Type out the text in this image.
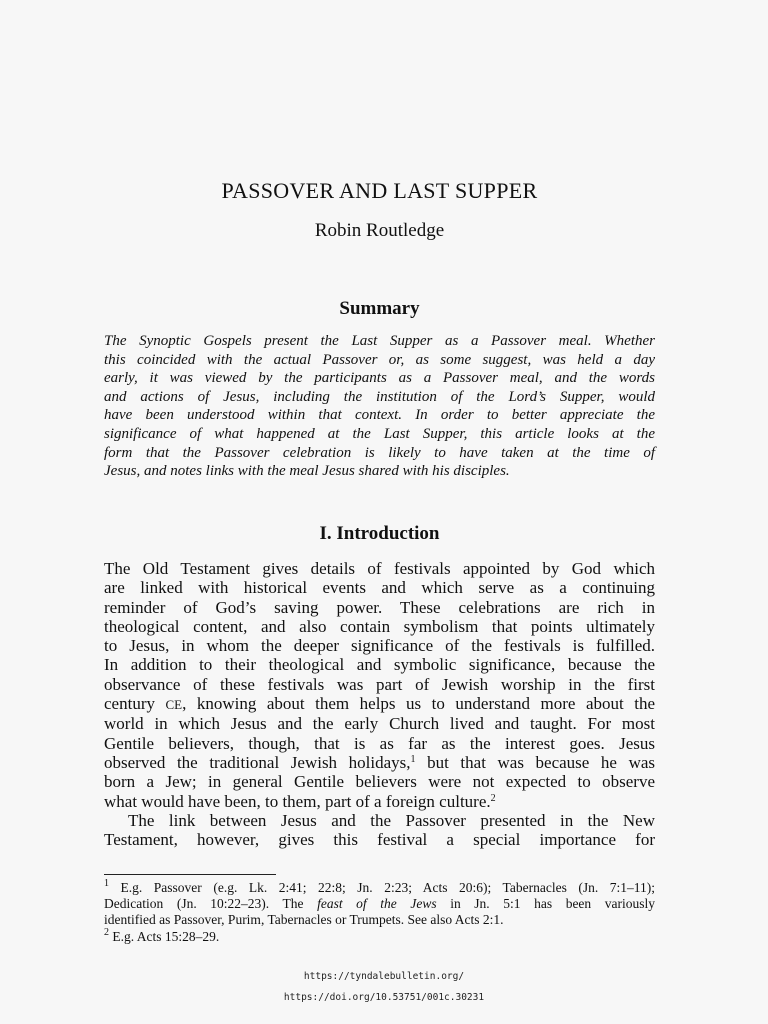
PASSOVER AND LAST SUPPER
Robin Routledge
Summary
The Synoptic Gospels present the Last Supper as a Passover meal. Whether
this coincided with the actual Passover or, as some suggest, was held a day
early, it was viewed by the participants as a Passover meal, and the words
and actions of Jesus, including the institution of the Lord’s Supper, would
have been understood within that context. In order to better appreciate the
significance of what happened at the Last Supper, this article looks at the
form that the Passover celebration is likely to have taken at the time of
Jesus, and notes links with the meal Jesus shared with his disciples.
I. Introduction
The Old Testament gives details of festivals appointed by God which
are linked with historical events and which serve as a continuing
reminder of God’s saving power. These celebrations are rich in
theological content, and also contain symbolism that points ultimately
to Jesus, in whom the deeper significance of the festivals is fulfilled.
In addition to their theological and symbolic significance, because the
observance of these festivals was part of Jewish worship in the first
century CE, knowing about them helps us to understand more about the
world in which Jesus and the early Church lived and taught. For most
Gentile believers, though, that is as far as the interest goes. Jesus
observed the traditional Jewish holidays,$^1$ but that was because he was
born a Jew; in general Gentile believers were not expected to observe
what would have been, to them, part of a foreign culture.$^2$
The link between Jesus and the Passover presented in the New
Testament, however, gives this festival a special importance for
$^1$ E.g. Passover (e.g. Lk. 2:41; 22:8; Jn. 2:23; Acts 20:6); Tabernacles (Jn. 7:1–11);
Dedication (Jn. 10:22–23). The feast of the Jews in Jn. 5:1 has been variously
identified as Passover, Purim, Tabernacles or Trumpets. See also Acts 2:1.
$^2$ E.g. Acts 15:28–29.
https://tyndalebulletin.org/
https://doi.org/10.53751/001c.30231
